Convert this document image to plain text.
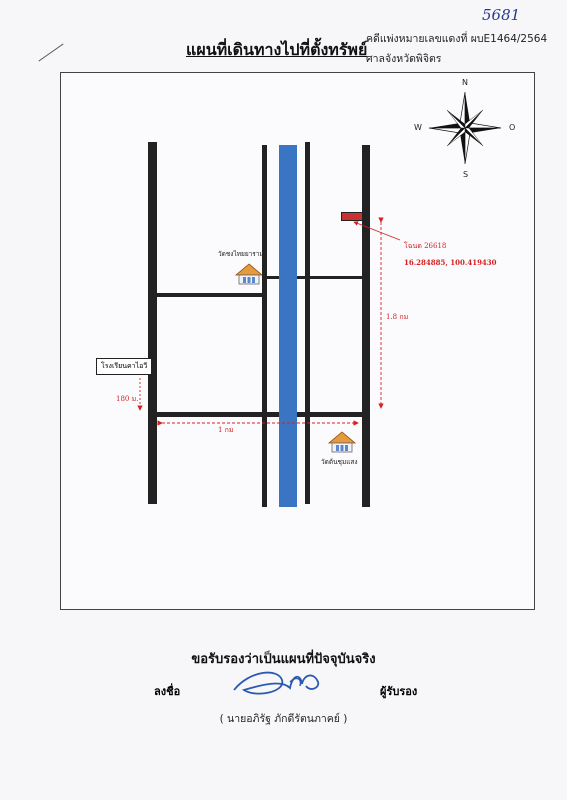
5681
แผนที่เดินทางไปที่ตั้งทรัพย์
คดีแพ่งหมายเลขแดงที่ ผบE1464/2564
ศาลจังหวัดพิจิตร
N
S
W	O
โฉนด 26618
16.284885, 100.419430
1.8 กม
1 กม
180 ม.
วัดชงไทยยาราม
วัดต้นชุมแสง
โรงเรียนคาไอวี
ขอรับรองว่าเป็นแผนที่ปัจจุบันจริง
ลงชื่อ	ผู้รับรอง
( นายอภิรัฐ ภักดีรัตนภาคย์ )
